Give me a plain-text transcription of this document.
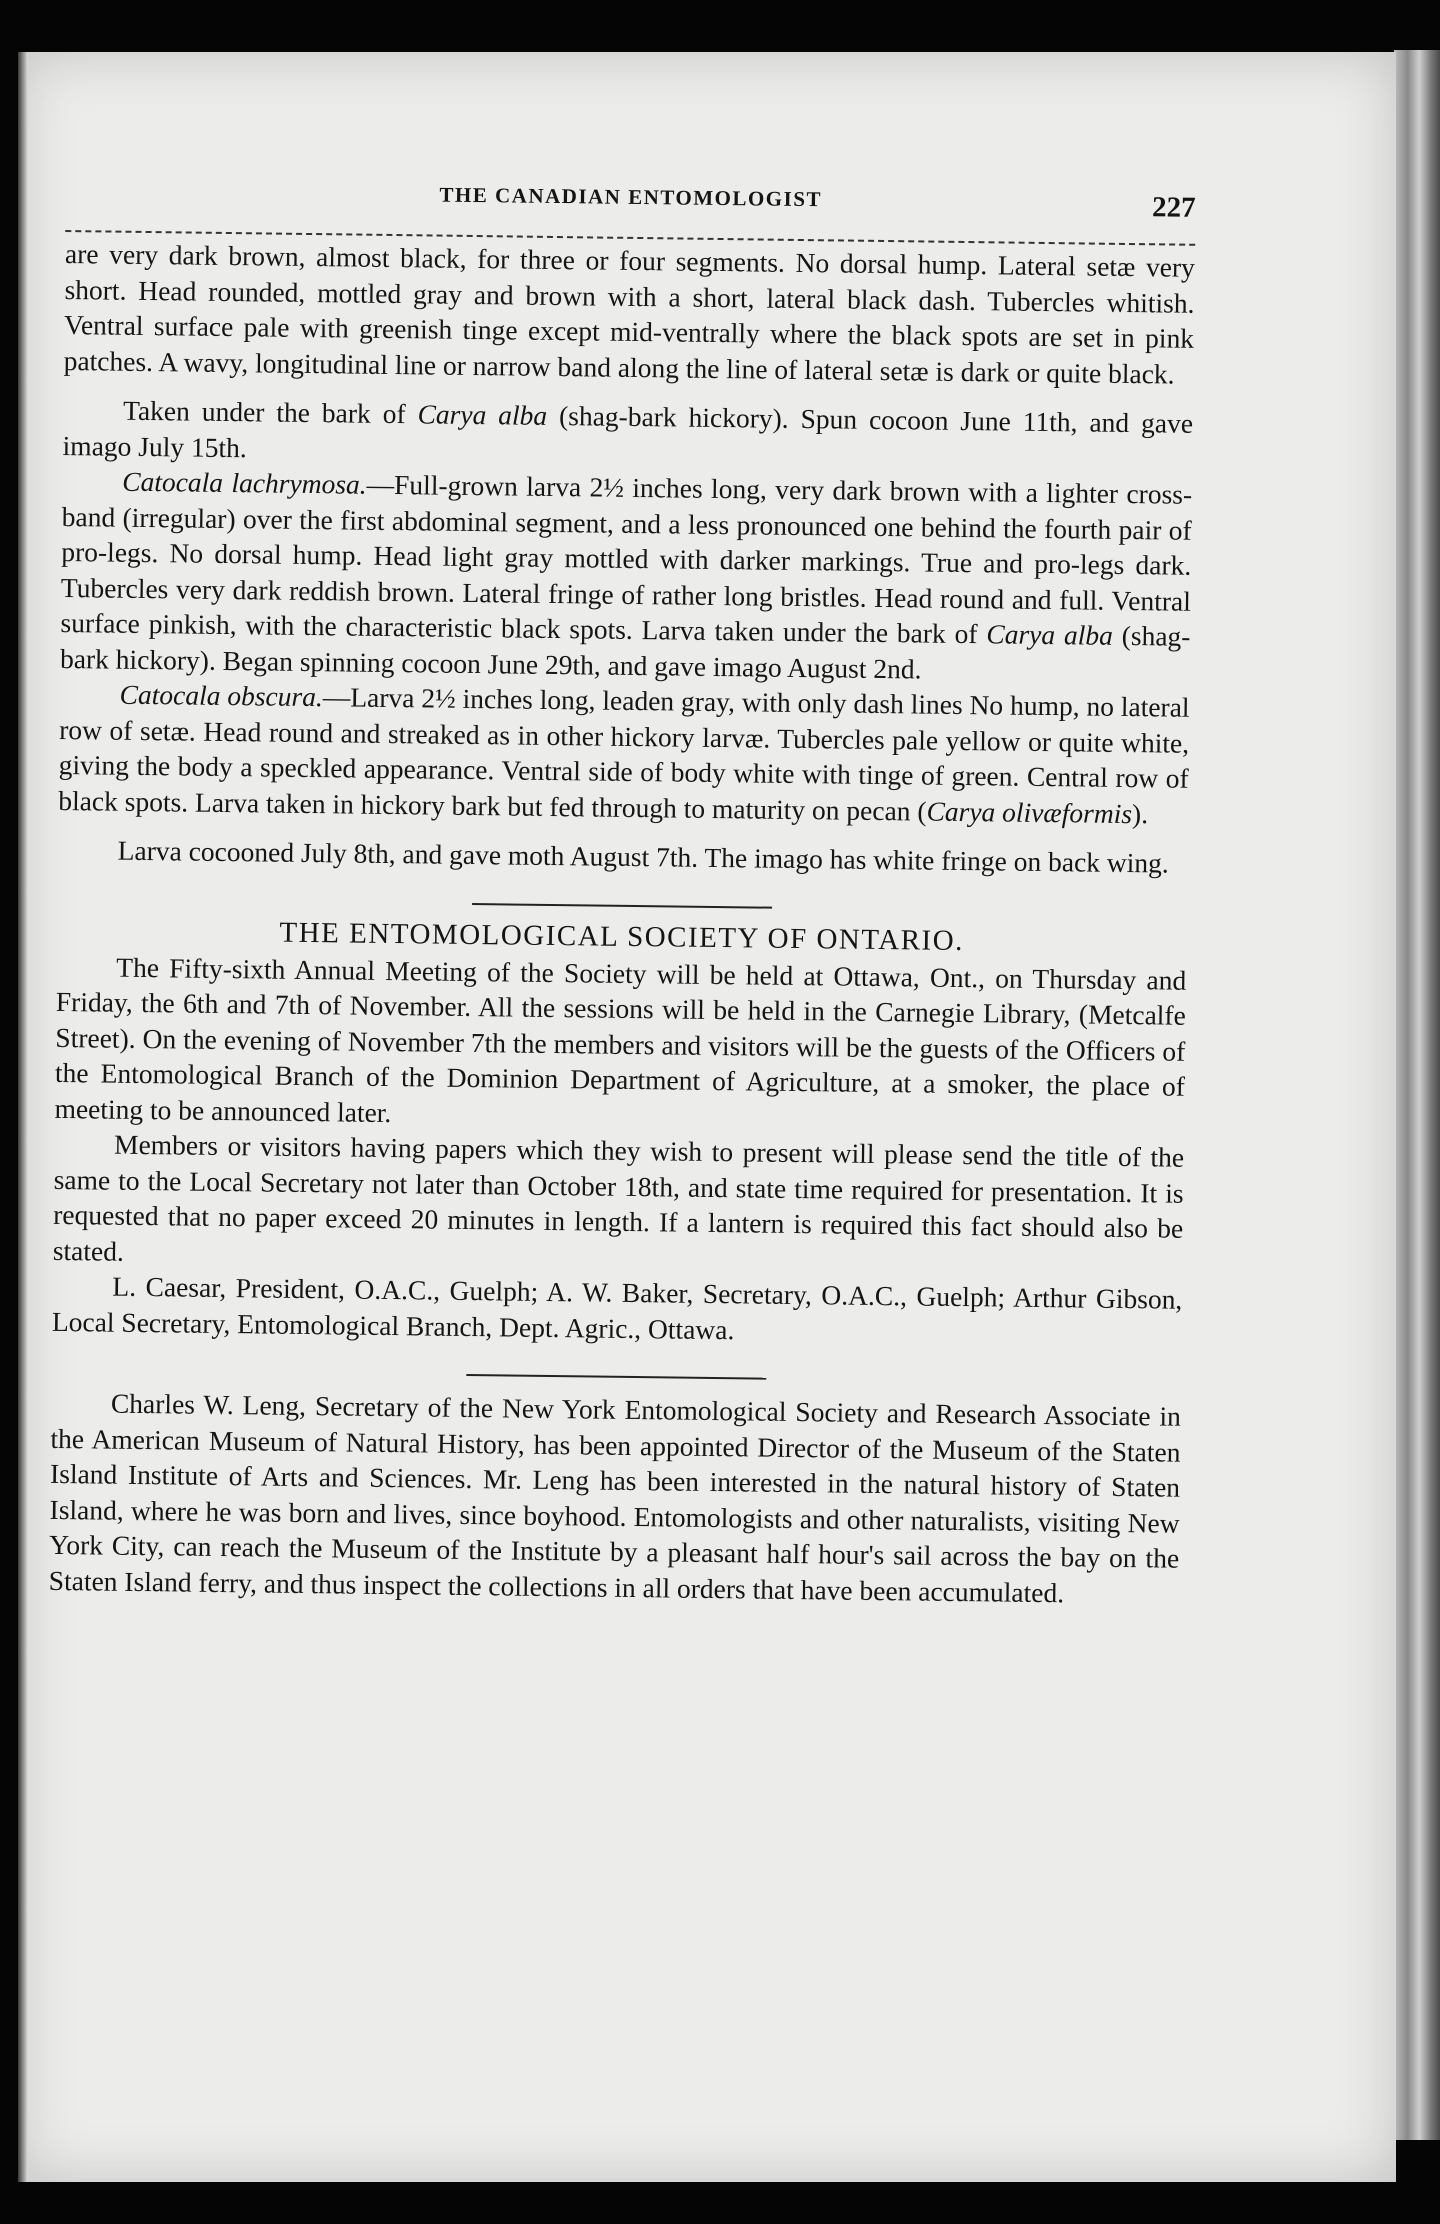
THE CANADIAN ENTOMOLOGIST	227

are very dark brown, almost black, for three or four segments. No dorsal hump. Lateral setæ very short. Head rounded, mottled gray and brown with a short, lateral black dash. Tubercles whitish. Ventral surface pale with greenish tinge except mid-ventrally where the black spots are set in pink patches. A wavy, longitudinal line or narrow band along the line of lateral setæ is dark or quite black.

Taken under the bark of Carya alba (shag-bark hickory). Spun cocoon June 11th, and gave imago July 15th.

Catocala lachrymosa.—Full-grown larva 2½ inches long, very dark brown with a lighter cross-band (irregular) over the first abdominal segment, and a less pronounced one behind the fourth pair of pro-legs. No dorsal hump. Head light gray mottled with darker markings. True and pro-legs dark. Tubercles very dark reddish brown. Lateral fringe of rather long bristles. Head round and full. Ventral surface pinkish, with the characteristic black spots. Larva taken under the bark of Carya alba (shag-bark hickory). Began spinning cocoon June 29th, and gave imago August 2nd.

Catocala obscura.—Larva 2½ inches long, leaden gray, with only dash lines No hump, no lateral row of setæ. Head round and streaked as in other hickory larvæ. Tubercles pale yellow or quite white, giving the body a speckled appearance. Ventral side of body white with tinge of green. Central row of black spots. Larva taken in hickory bark but fed through to maturity on pecan (Carya olivæformis).

Larva cocooned July 8th, and gave moth August 7th. The imago has white fringe on back wing.

THE ENTOMOLOGICAL SOCIETY OF ONTARIO.

The Fifty-sixth Annual Meeting of the Society will be held at Ottawa, Ont., on Thursday and Friday, the 6th and 7th of November. All the sessions will be held in the Carnegie Library, (Metcalfe Street). On the evening of November 7th the members and visitors will be the guests of the Officers of the Entomological Branch of the Dominion Department of Agriculture, at a smoker, the place of meeting to be announced later.

Members or visitors having papers which they wish to present will please send the title of the same to the Local Secretary not later than October 18th, and state time required for presentation. It is requested that no paper exceed 20 minutes in length. If a lantern is required this fact should also be stated.

L. Caesar, President, O.A.C., Guelph; A. W. Baker, Secretary, O.A.C., Guelph; Arthur Gibson, Local Secretary, Entomological Branch, Dept. Agric., Ottawa.

Charles W. Leng, Secretary of the New York Entomological Society and Research Associate in the American Museum of Natural History, has been appointed Director of the Museum of the Staten Island Institute of Arts and Sciences. Mr. Leng has been interested in the natural history of Staten Island, where he was born and lives, since boyhood. Entomologists and other naturalists, visiting New York City, can reach the Museum of the Institute by a pleasant half hour's sail across the bay on the Staten Island ferry, and thus inspect the collections in all orders that have been accumulated.
